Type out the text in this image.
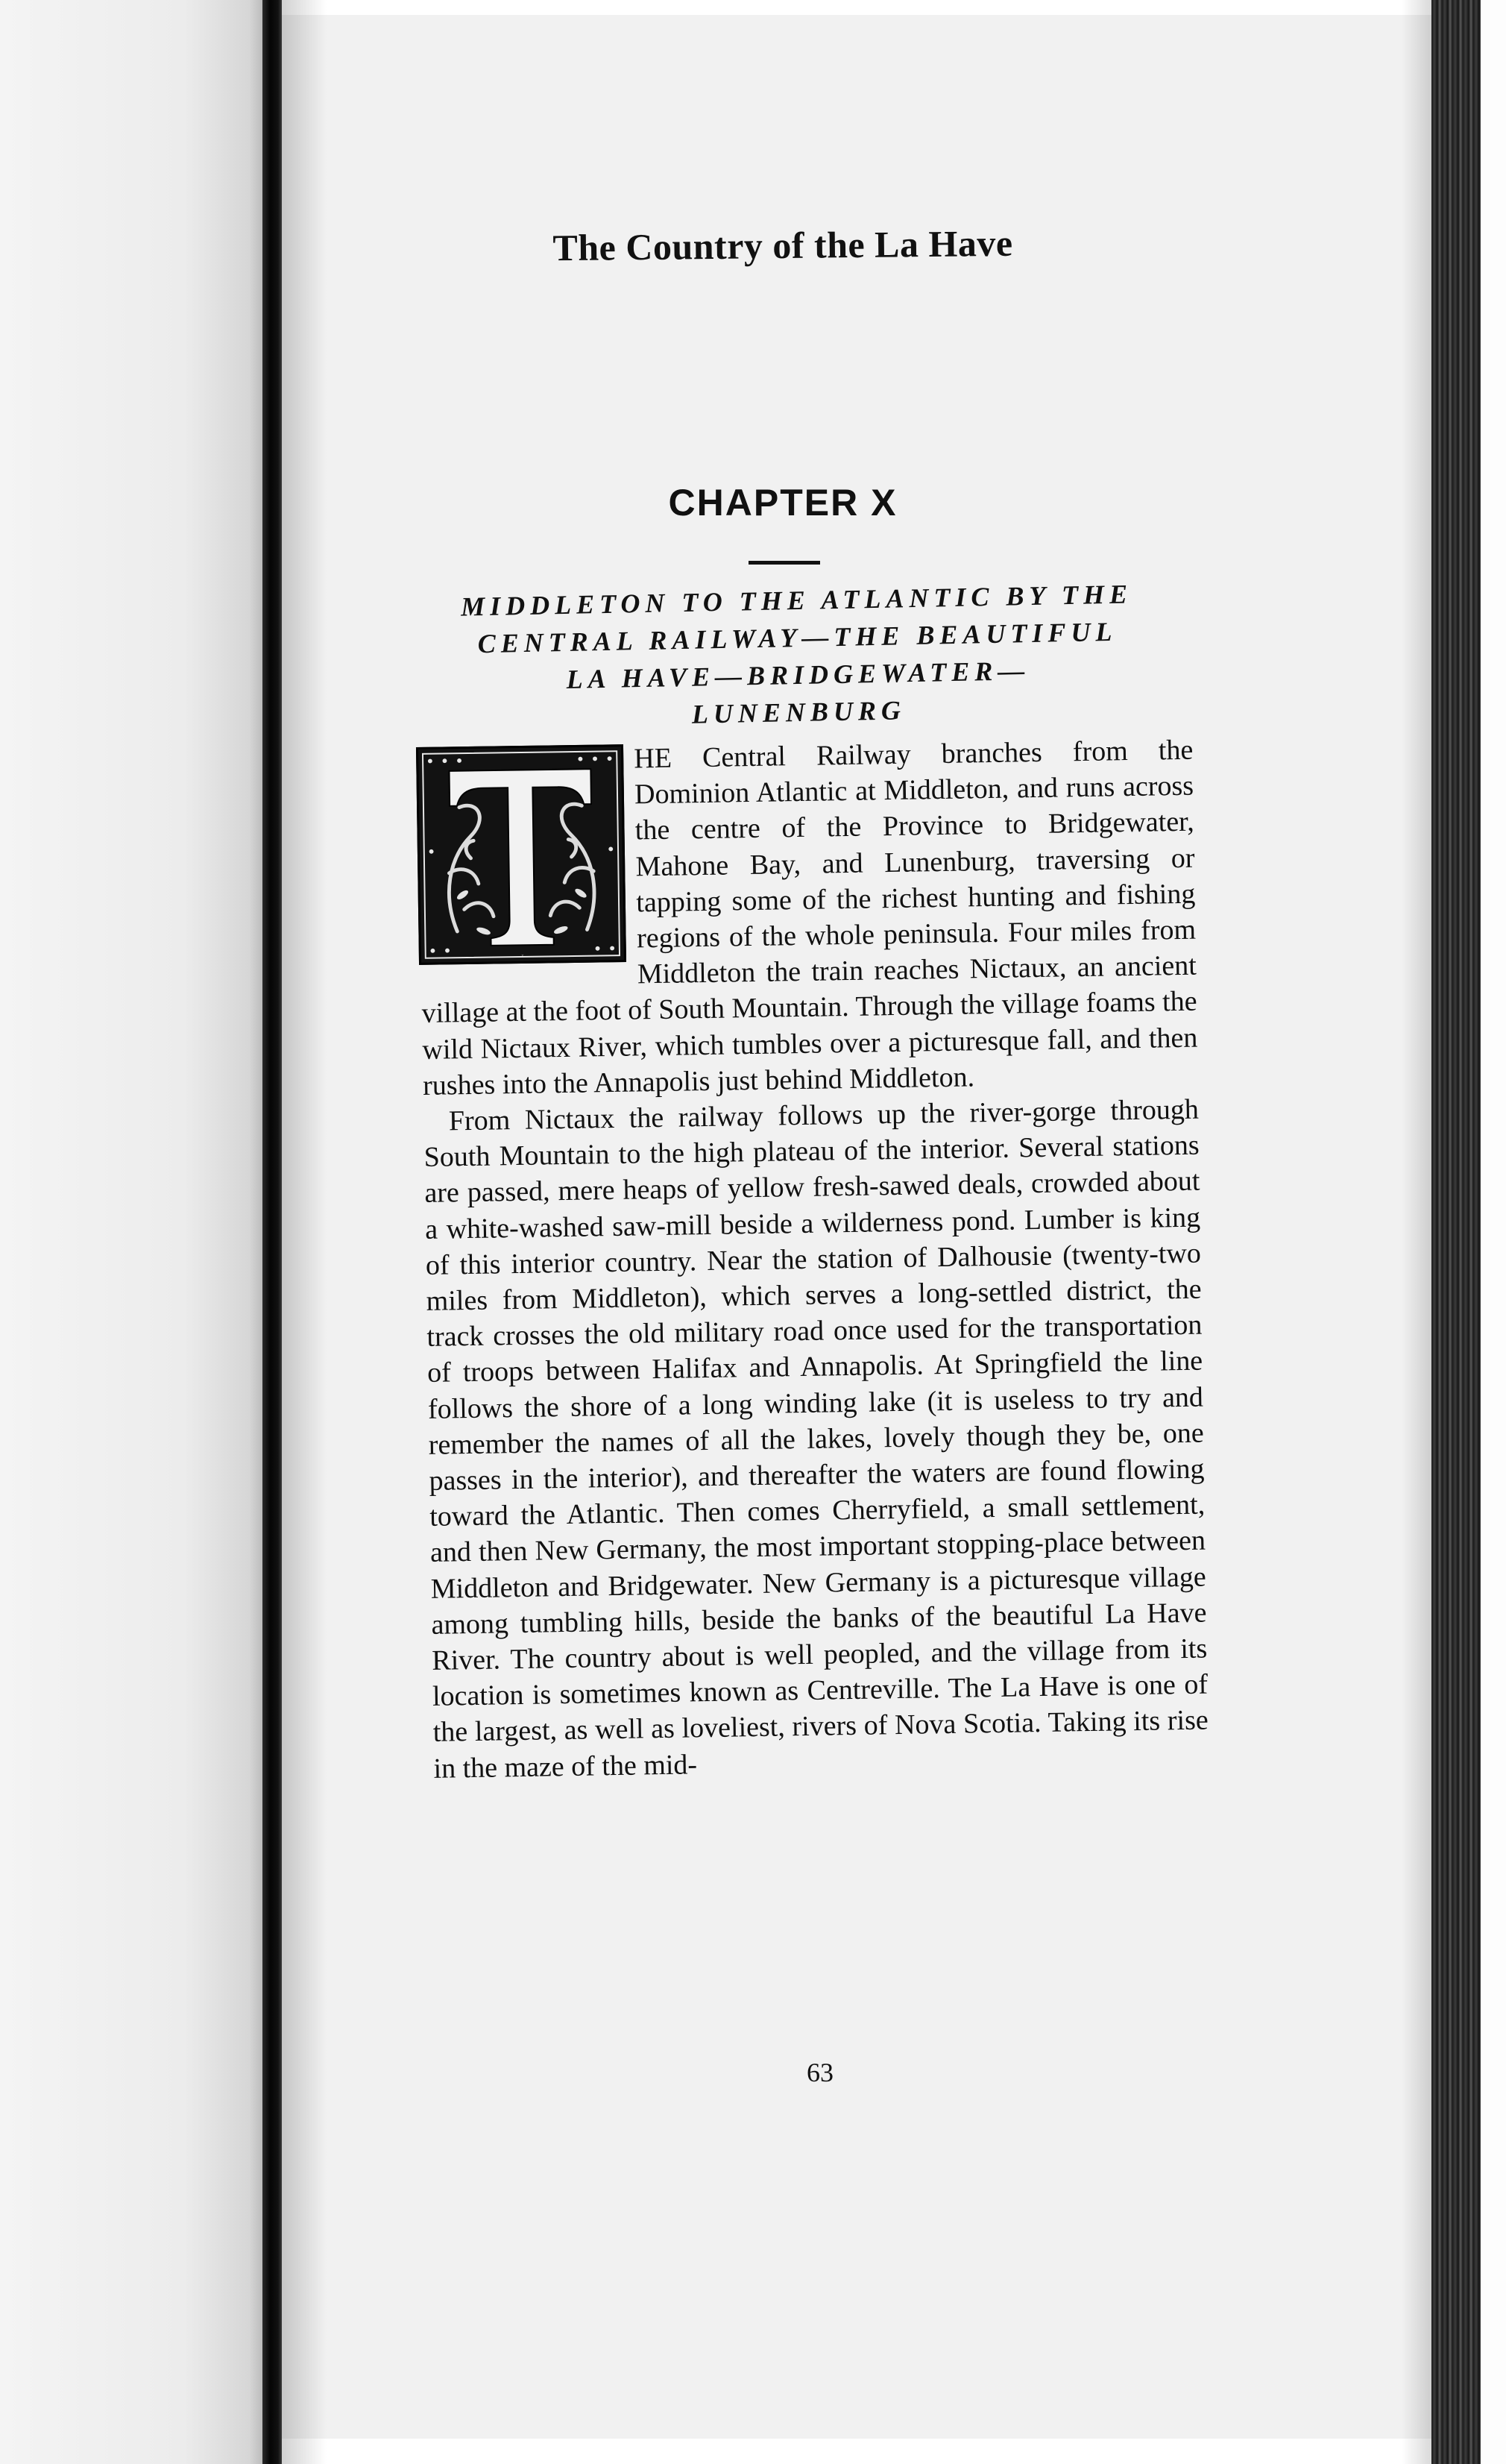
The Country of the La Have
CHAPTER X
MIDDLETON TO THE ATLANTIC BY THE
CENTRAL RAILWAY—THE BEAUTIFUL
LA HAVE—BRIDGEWATER—
LUNENBURG
T

HE Central Railway branches from the Dominion Atlantic at Middleton, and runs across the centre of the Province to Bridgewater, Mahone Bay, and Lunenburg, traversing or tapping some of the richest hunting and fishing regions of the whole peninsula. Four miles from Middleton the train reaches Nictaux, an ancient village at the foot of South Mountain. Through the village foams the wild Nictaux River, which tumbles over a picturesque fall, and then rushes into the Annapolis just behind Middleton.

From Nictaux the railway follows up the river-gorge through South Mountain to the high plateau of the interior. Several stations are passed, mere heaps of yellow fresh-sawed deals, crowded about a white-washed saw-mill beside a wilderness pond. Lumber is king of this interior country. Near the station of Dalhousie (twenty-two miles from Middleton), which serves a long-settled district, the track crosses the old military road once used for the transportation of troops between Halifax and Annapolis. At Springfield the line follows the shore of a long winding lake (it is useless to try and remember the names of all the lakes, lovely though they be, one passes in the interior), and thereafter the waters are found flowing toward the Atlantic. Then comes Cherryfield, a small settlement, and then New Germany, the most important stopping-place between Middleton and Bridgewater. New Germany is a picturesque village among tumbling hills, beside the banks of the beautiful La Have River. The country about is well peopled, and the village from its location is sometimes known as Centreville. The La Have is one of the largest, as well as loveliest, rivers of Nova Scotia. Taking its rise in the maze of the mid-

63
